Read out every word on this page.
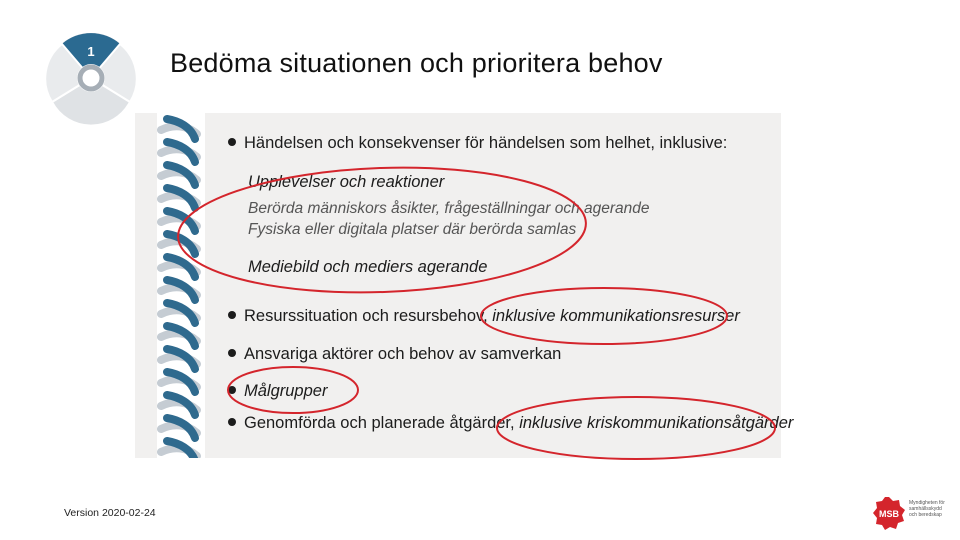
1	Bedöma situationen och prioritera behov
Händelsen och konsekvenser för händelsen som helhet, inklusive:
Upplevelser och reaktioner
Berörda människors åsikter, frågeställningar och agerande
Fysiska eller digitala platser där berörda samlas
Mediebild och mediers agerande
Resurssituation och resursbehov, inklusive kommunikationsresurser
Ansvariga aktörer och behov av samverkan
Målgrupper
Genomförda och planerade åtgärder, inklusive kriskommunikationsåtgärder
Version 2020-02-24	MSB
Myndigheten för
samhällsskydd
och beredskap
